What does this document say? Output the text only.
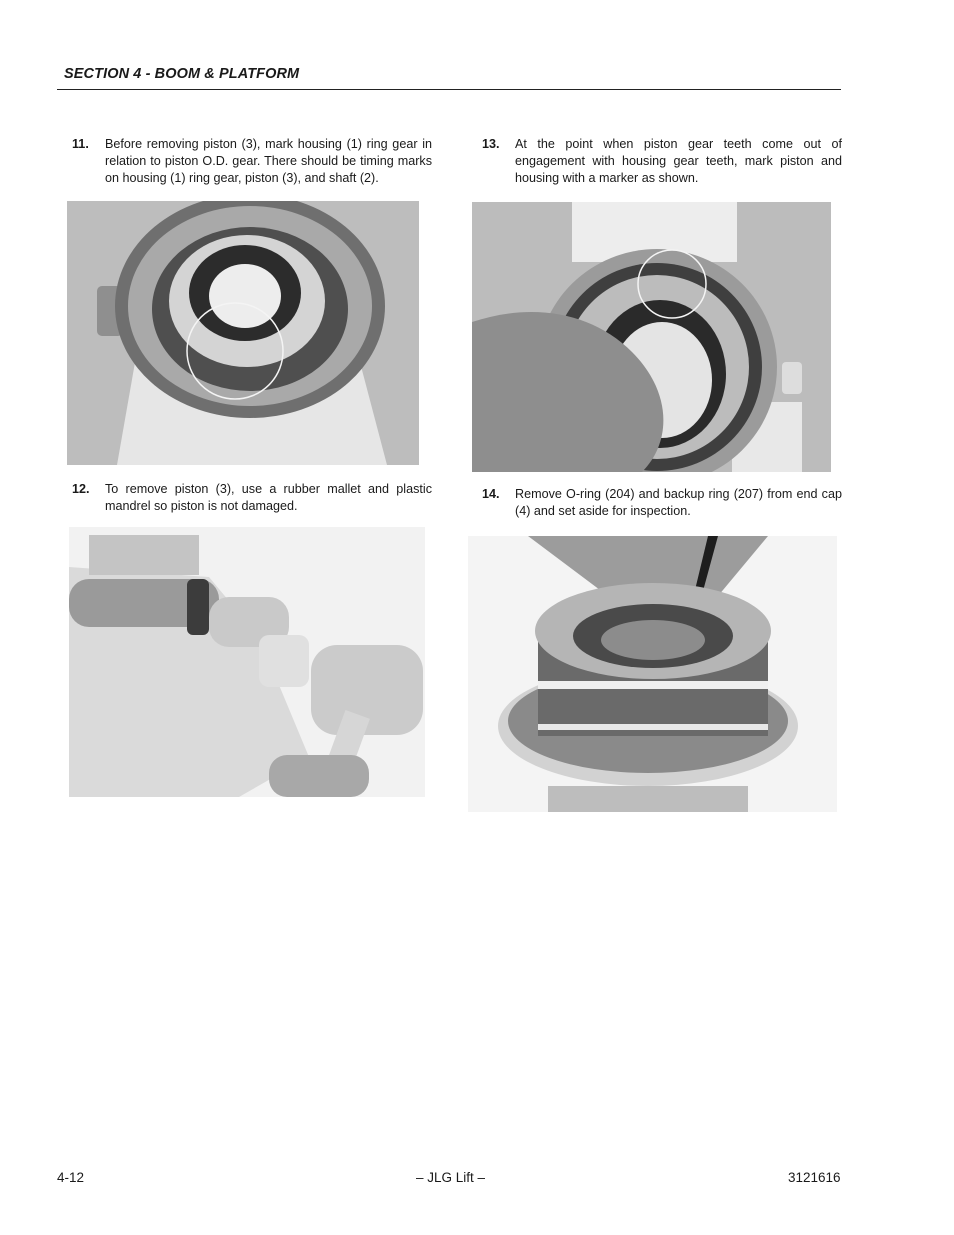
SECTION 4 - BOOM & PLATFORM
11. Before removing piston (3), mark housing (1) ring gear in relation to piston O.D. gear. There should be timing marks on housing (1) ring gear, piston (3), and shaft (2).
12. To remove piston (3), use a rubber mallet and plastic mandrel so piston is not damaged.
13. At the point when piston gear teeth come out of engagement with housing gear teeth, mark piston and housing with a marker as shown.
14. Remove O-ring (204) and backup ring (207) from end cap (4) and set aside for inspection.
4-12	– JLG Lift –	3121616
